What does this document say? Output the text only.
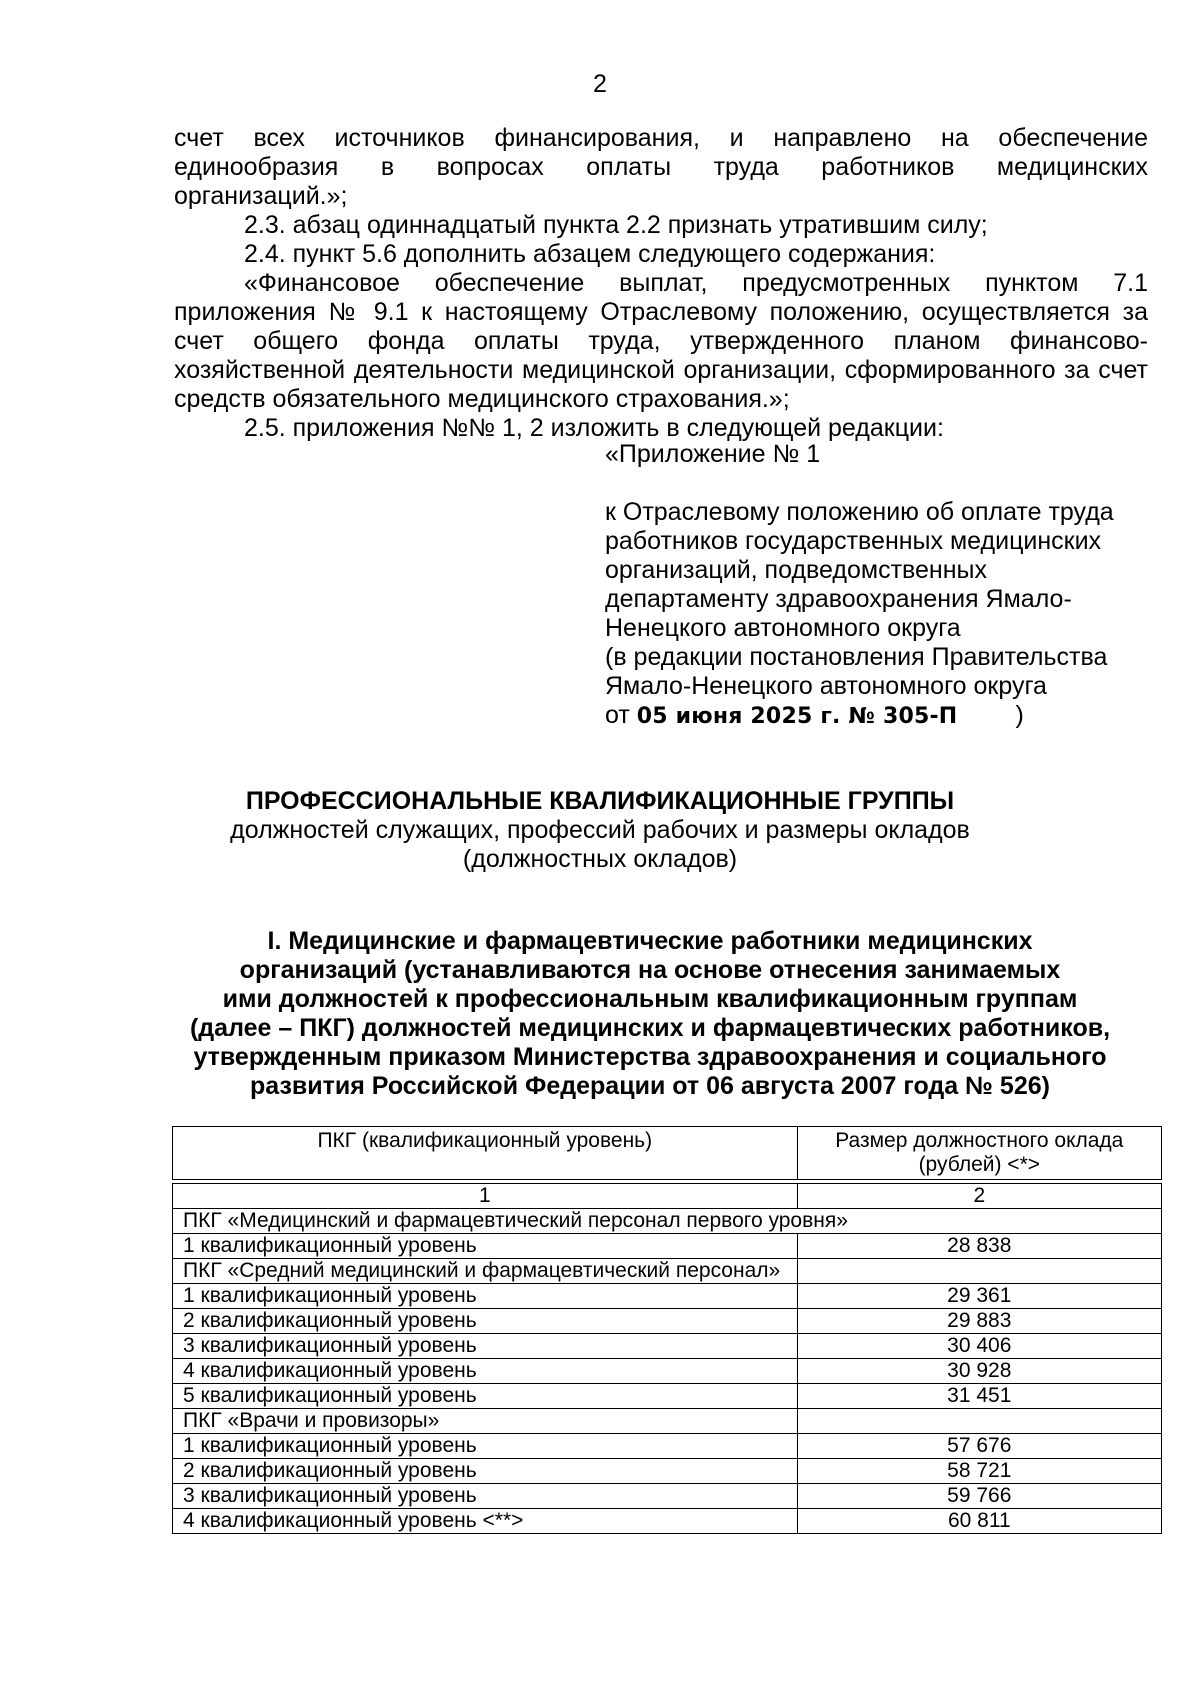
2

счет всех источников финансирования, и направлено на обеспечение

единообразия в вопросах оплаты труда работников медицинских

организаций.»;

2.3. абзац одиннадцатый пункта 2.2 признать утратившим силу;

2.4. пункт 5.6 дополнить абзацем следующего содержания:

«Финансовое обеспечение выплат, предусмотренных пунктом 7.1 приложения № 9.1 к настоящему Отраслевому положению, осуществляется за счет общего фонда оплаты труда, утвержденного планом финансово-хозяйственной деятельности медицинской организации, сформированного за счет средств обязательного медицинского страхования.»;

2.5. приложения №№ 1, 2 изложить в следующей редакции:

«Приложение № 1

к Отраслевому положению об оплате труда

работников государственных медицинских

организаций, подведомственных

департаменту здравоохранения Ямало-

Ненецкого автономного округа

(в редакции постановления Правительства

Ямало-Ненецкого автономного округа

от 05 июня 2025 г. № 305-П )

ПРОФЕССИОНАЛЬНЫЕ КВАЛИФИКАЦИОННЫЕ ГРУППЫ

должностей служащих, профессий рабочих и размеры окладов

(должностных окладов)

I. Медицинские и фармацевтические работники медицинских

организаций (устанавливаются на основе отнесения занимаемых

ими должностей к профессиональным квалификационным группам

(далее – ПКГ) должностей медицинских и фармацевтических работников,

утвержденным приказом Министерства здравоохранения и социального

развития Российской Федерации от 06 августа 2007 года № 526)

ПКГ (квалификационный уровень)	Размер должностного оклада (рублей) <*>

1	2
ПКГ «Медицинский и фармацевтический персонал первого уровня»	
1 квалификационный уровень	28 838
ПКГ «Средний медицинский и фармацевтический персонал»	
1 квалификационный уровень	29 361
2 квалификационный уровень	29 883
3 квалификационный уровень	30 406
4 квалификационный уровень	30 928
5 квалификационный уровень	31 451
ПКГ «Врачи и провизоры»	
1 квалификационный уровень	57 676
2 квалификационный уровень	58 721
3 квалификационный уровень	59 766
4 квалификационный уровень <**>	60 811
